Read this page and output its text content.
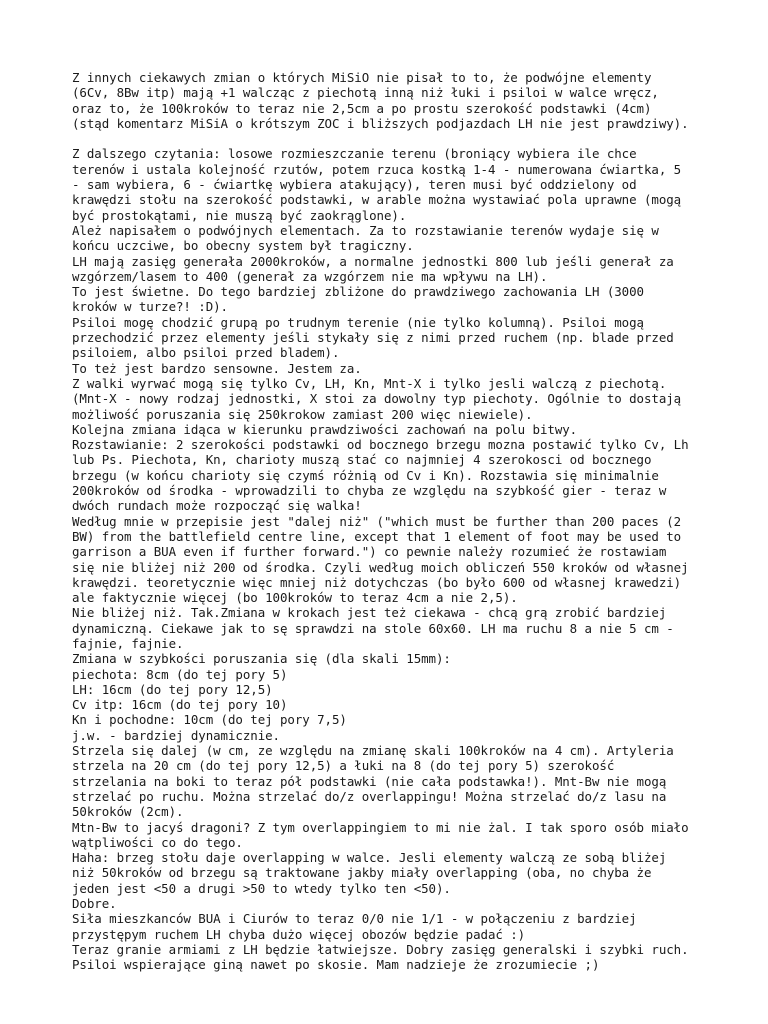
Z innych ciekawych zmian o których MiSiO nie pisał to to, że podwójne elementy
(6Cv, 8Bw itp) mają +1 walcząc z piechotą inną niż łuki i psiloi w walce wręcz,
oraz to, że 100kroków to teraz nie 2,5cm a po prostu szerokość podstawki (4cm)
(stąd komentarz MiSiA o krótszym ZOC i bliższych podjazdach LH nie jest prawdziwy).
Z dalszego czytania: losowe rozmieszczanie terenu (broniący wybiera ile chce
terenów i ustala kolejność rzutów, potem rzuca kostką 1-4 - numerowana ćwiartka, 5
- sam wybiera, 6 - ćwiartkę wybiera atakujący), teren musi być oddzielony od
krawędzi stołu na szerokość podstawki, w arable można wystawiać pola uprawne (mogą
być prostokątami, nie muszą być zaokrąglone).
Ależ napisałem o podwójnych elementach. Za to rozstawianie terenów wydaje się w
końcu uczciwe, bo obecny system był tragiczny.
LH mają zasięg generała 2000kroków, a normalne jednostki 800 lub jeśli generał za
wzgórzem/lasem to 400 (generał za wzgórzem nie ma wpływu na LH).
To jest świetne. Do tego bardziej zbliżone do prawdziwego zachowania LH (3000
kroków w turze?! :D).
Psiloi mogę chodzić grupą po trudnym terenie (nie tylko kolumną). Psiloi mogą
przechodzić przez elementy jeśli stykały się z nimi przed ruchem (np. blade przed
psiloiem, albo psiloi przed bladem).
To też jest bardzo sensowne. Jestem za.
Z walki wyrwać mogą się tylko Cv, LH, Kn, Mnt-X i tylko jesli walczą z piechotą.
(Mnt-X - nowy rodzaj jednostki, X stoi za dowolny typ piechoty. Ogólnie to dostają
możliwość poruszania się 250krokow zamiast 200 więc niewiele).
Kolejna zmiana idąca w kierunku prawdziwości zachowań na polu bitwy.
Rozstawianie: 2 szerokości podstawki od bocznego brzegu mozna postawić tylko Cv, Lh
lub Ps. Piechota, Kn, charioty muszą stać co najmniej 4 szerokosci od bocznego
brzegu (w końcu charioty się czymś różnią od Cv i Kn). Rozstawia się minimalnie
200kroków od środka - wprowadzili to chyba ze względu na szybkość gier - teraz w
dwóch rundach może rozpocząć się walka!
Według mnie w przepisie jest "dalej niż" ("which must be further than 200 paces (2
BW) from the battlefield centre line, except that 1 element of foot may be used to
garrison a BUA even if further forward.") co pewnie należy rozumieć że rostawiam
się nie bliżej niż 200 od środka. Czyli według moich obliczeń 550 kroków od własnej
krawędzi. teoretycznie więc mniej niż dotychczas (bo było 600 od własnej krawedzi)
ale faktycznie więcej (bo 100kroków to teraz 4cm a nie 2,5).
Nie bliżej niż. Tak.Zmiana w krokach jest też ciekawa - chcą grą zrobić bardziej
dynamiczną. Ciekawe jak to sę sprawdzi na stole 60x60. LH ma ruchu 8 a nie 5 cm -
fajnie, fajnie.
Zmiana w szybkości poruszania się (dla skali 15mm):
piechota: 8cm (do tej pory 5)
LH: 16cm (do tej pory 12,5)
Cv itp: 16cm (do tej pory 10)
Kn i pochodne: 10cm (do tej pory 7,5)
j.w. - bardziej dynamicznie.
Strzela się dalej (w cm, ze względu na zmianę skali 100kroków na 4 cm). Artyleria
strzela na 20 cm (do tej pory 12,5) a łuki na 8 (do tej pory 5) szerokość
strzelania na boki to teraz pół podstawki (nie cała podstawka!). Mnt-Bw nie mogą
strzelać po ruchu. Można strzelać do/z overlappingu! Można strzelać do/z lasu na
50kroków (2cm).
Mtn-Bw to jacyś dragoni? Z tym overlappingiem to mi nie żal. I tak sporo osób miało
wątpliwości co do tego.
Haha: brzeg stołu daje overlapping w walce. Jesli elementy walczą ze sobą bliżej
niż 50kroków od brzegu są traktowane jakby miały overlapping (oba, no chyba że
jeden jest <50 a drugi >50 to wtedy tylko ten <50).
Dobre.
Siła mieszkanców BUA i Ciurów to teraz 0/0 nie 1/1 - w połączeniu z bardziej
przystępym ruchem LH chyba dużo więcej obozów będzie padać :)
Teraz granie armiami z LH będzie łatwiejsze. Dobry zasięg generalski i szybki ruch.
Psiloi wspierające giną nawet po skosie. Mam nadzieje że zrozumiecie ;)
